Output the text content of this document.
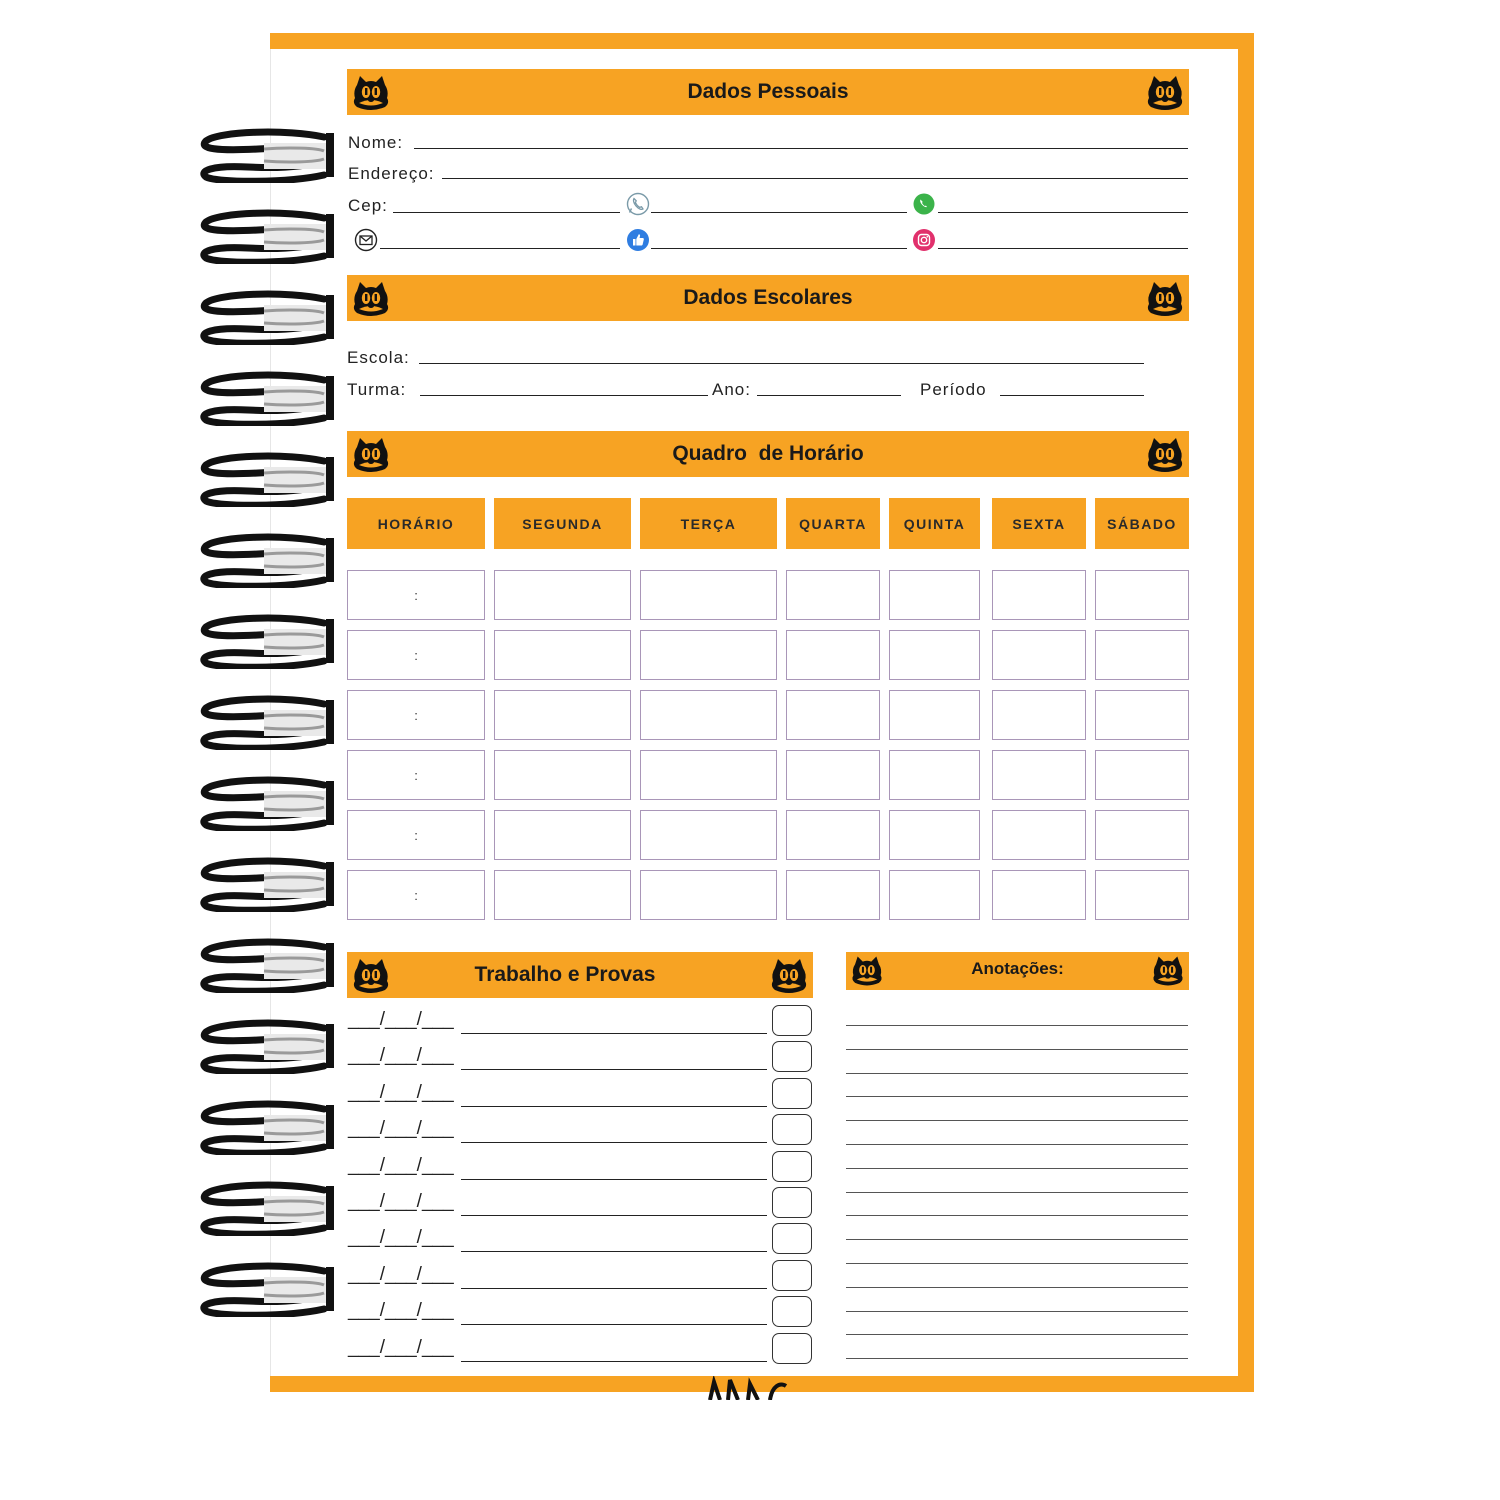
Dados Pessoais
Nome:
Endereço:
Cep:
Dados Escolares
Escola:
Turma:	Ano:	Período
Quadro  de Horário
HORÁRIO	SEGUNDA	TERÇA	QUARTA	QUINTA	SEXTA	SÁBADO
:
:
:
:
:
:
Trabalho e Provas
___/___/___
___/___/___
___/___/___
___/___/___
___/___/___
___/___/___
___/___/___
___/___/___
___/___/___
___/___/___
Anotações:
